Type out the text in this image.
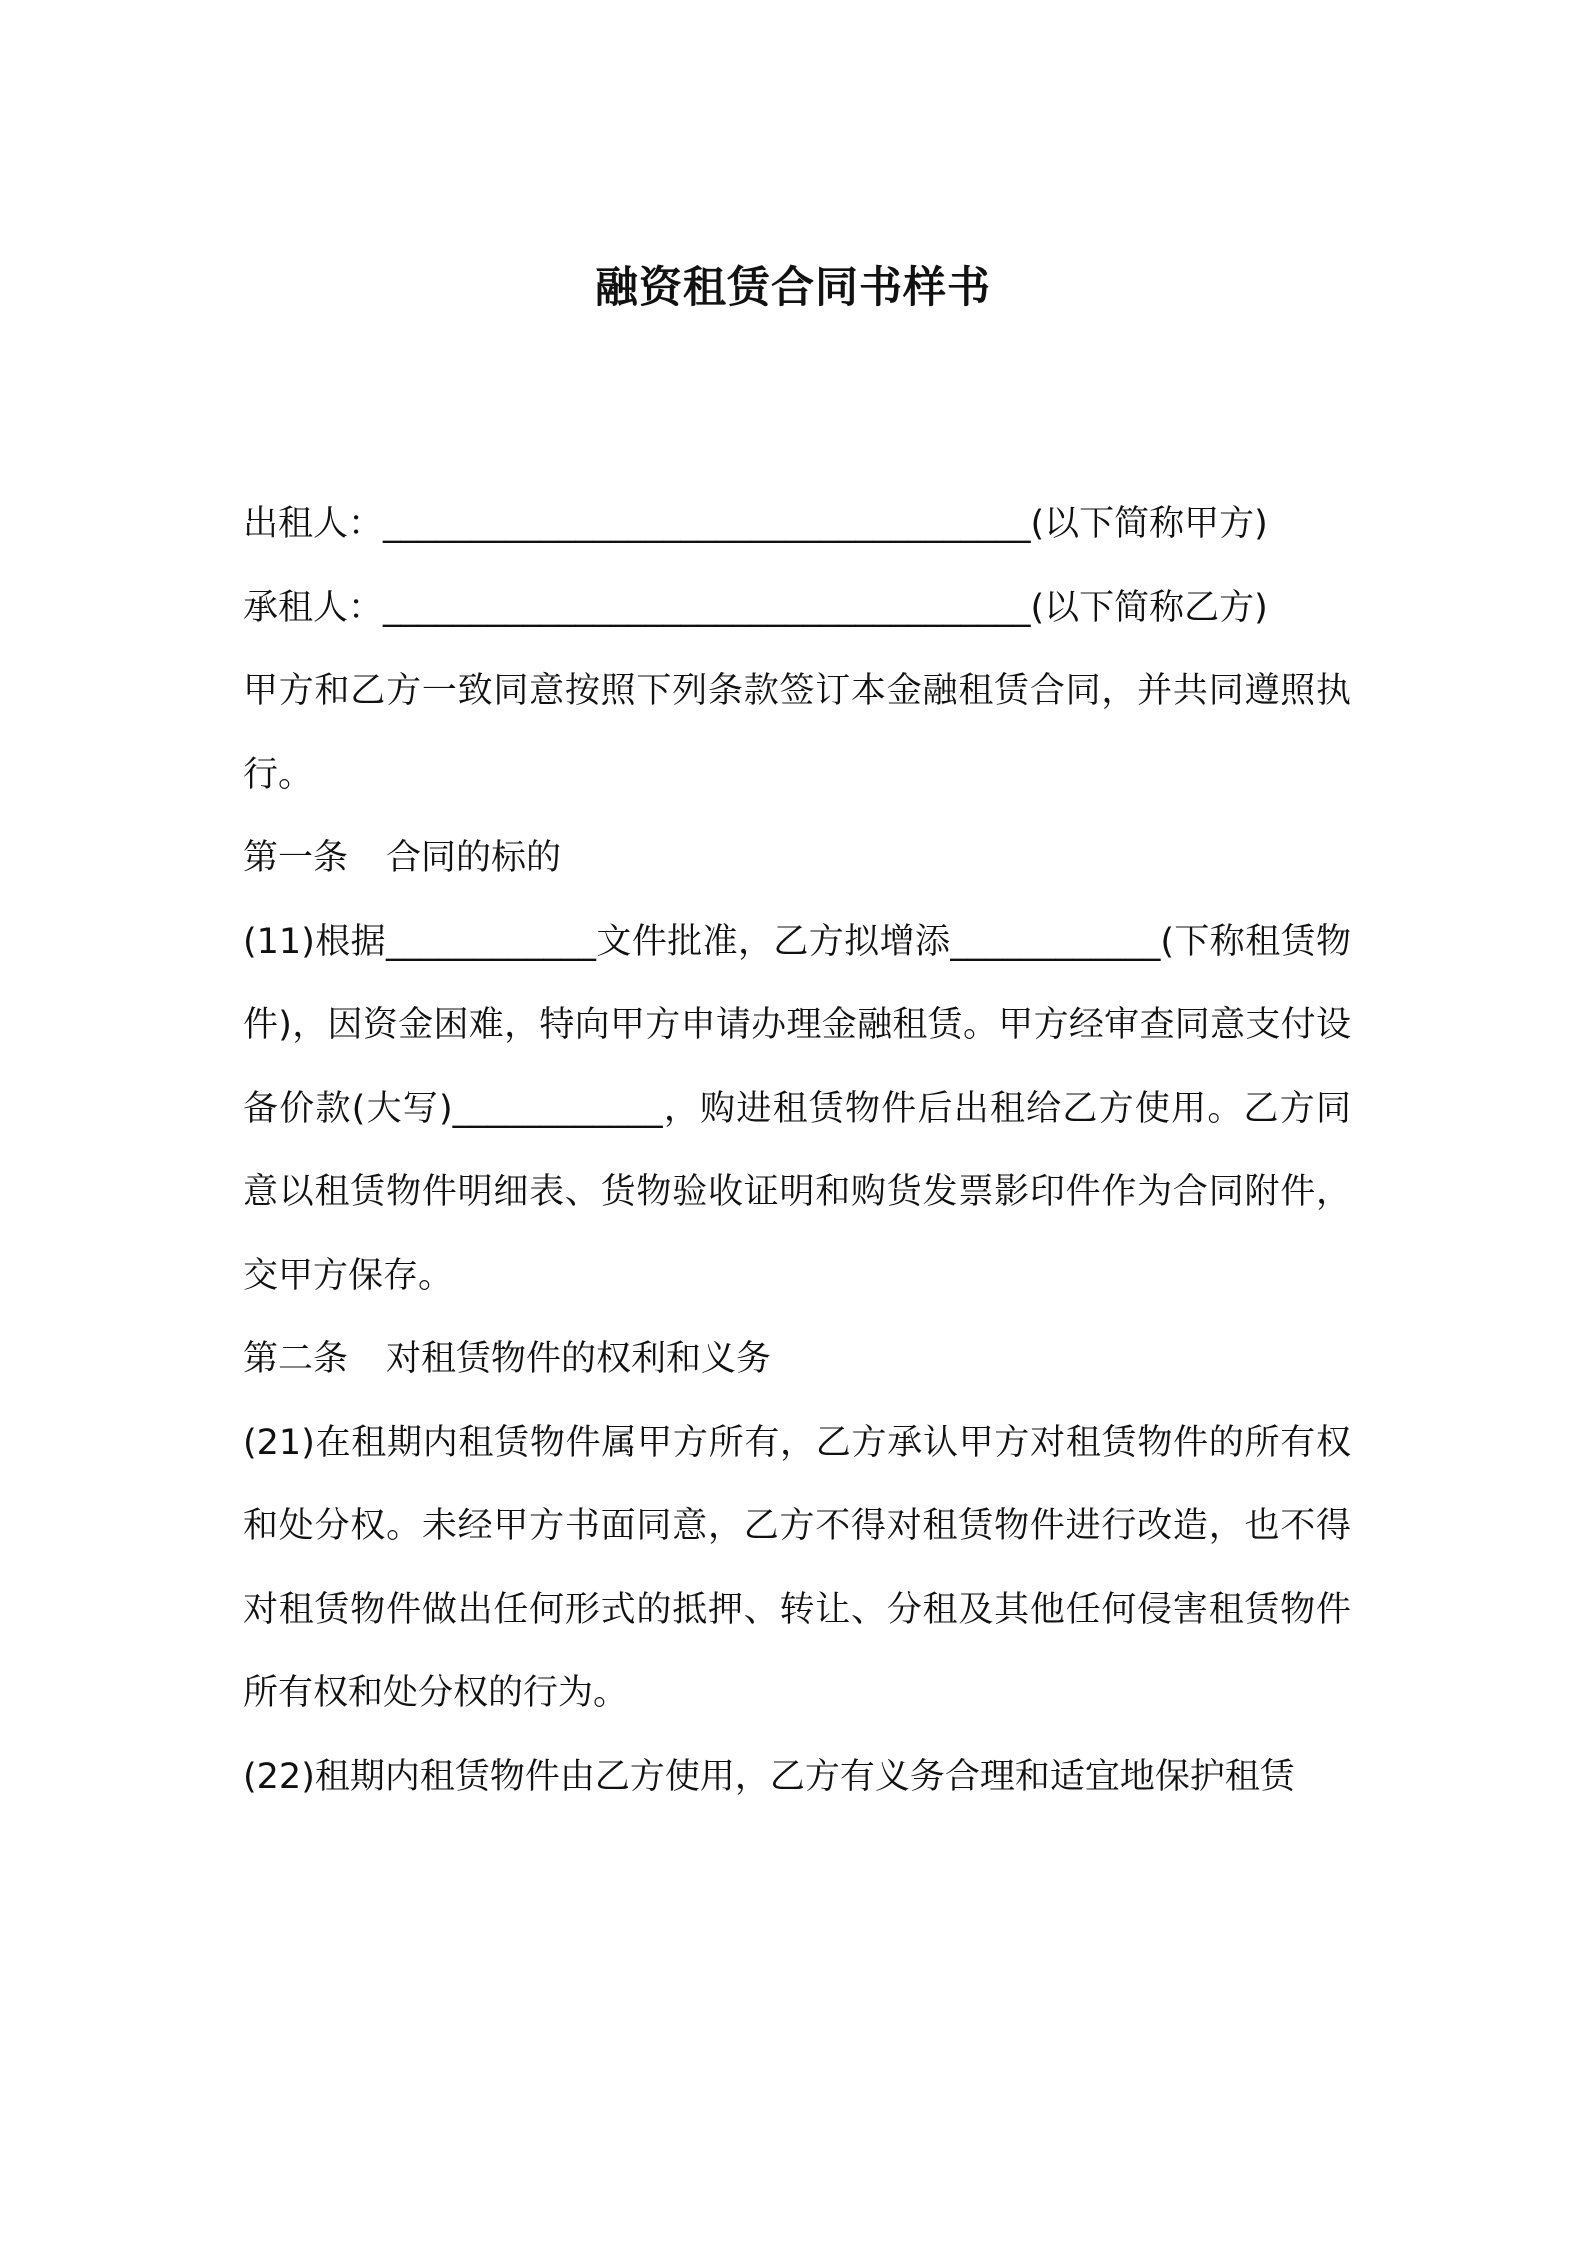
融资租赁合同书样书

出租人：_____________________________________(以下简称甲方)

承租人：_____________________________________(以下简称乙方)

甲方和乙方一致同意按照下列条款签订本金融租赁合同，并共同遵照执行。

第一条 合同的标的

(11)根据____________文件批准，乙方拟增添____________(下称租赁物件)，因资金困难，特向甲方申请办理金融租赁。甲方经审查同意支付设备价款(大写)____________，购进租赁物件后出租给乙方使用。乙方同意以租赁物件明细表、货物验收证明和购货发票影印件作为合同附件，交甲方保存。

第二条 对租赁物件的权利和义务

(21)在租期内租赁物件属甲方所有，乙方承认甲方对租赁物件的所有权和处分权。未经甲方书面同意，乙方不得对租赁物件进行改造，也不得对租赁物件做出任何形式的抵押、转让、分租及其他任何侵害租赁物件所有权和处分权的行为。

(22)租期内租赁物件由乙方使用，乙方有义务合理和适宜地保护租赁
